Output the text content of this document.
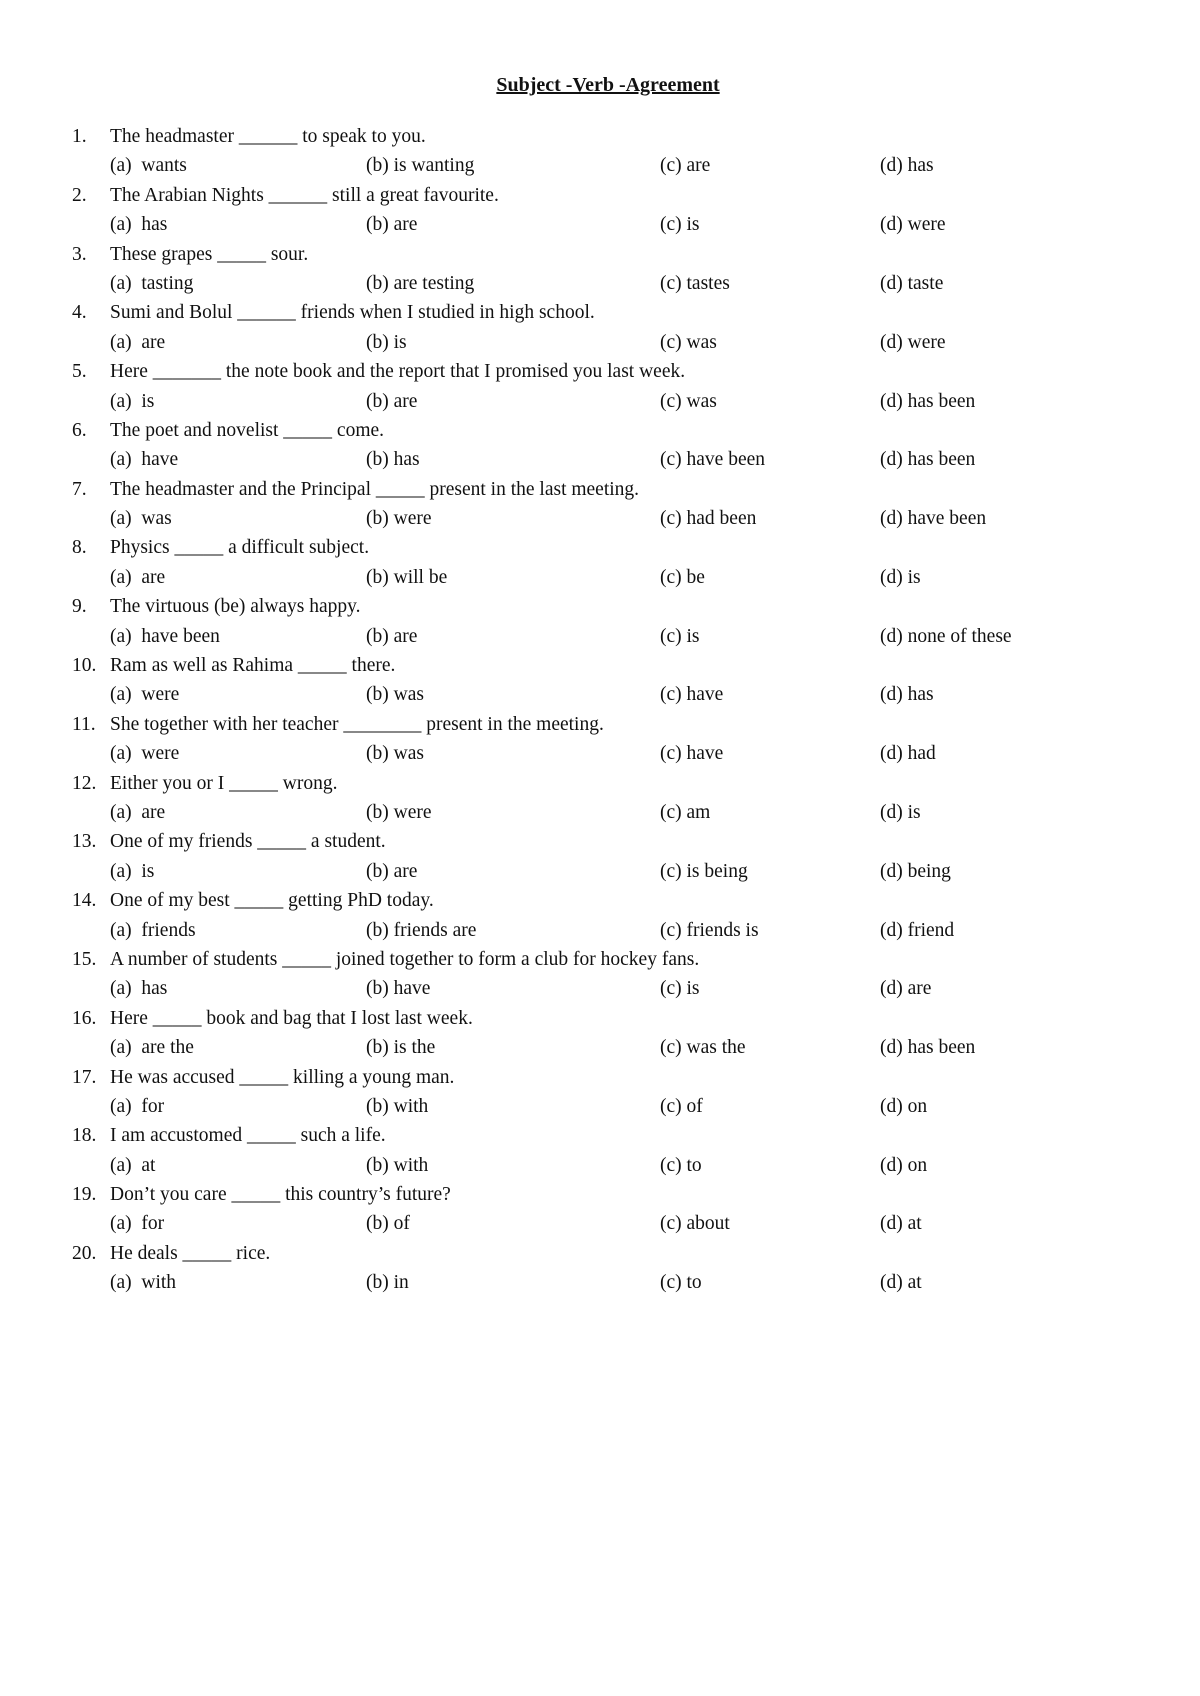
Subject -Verb -Agreement
1. The headmaster ______ to speak to you.
(a)  wants	(b) is wanting	(c) are	(d) has
2. The Arabian Nights ______ still a great favourite.
(a)  has	(b) are	(c) is	(d) were
3. These grapes _____ sour.
(a)  tasting	(b) are testing	(c) tastes	(d) taste
4. Sumi and Bolul ______ friends when I studied in high school.
(a)  are	(b) is	(c) was	(d) were
5. Here _______ the note book and the report that I promised you last week.
(a)  is	(b) are	(c) was	(d) has been
6. The poet and novelist _____ come.
(a)  have	(b) has	(c) have been	(d) has been
7. The headmaster and the Principal _____ present in the last meeting.
(a)  was	(b) were	(c) had been	(d) have been
8. Physics _____ a difficult subject.
(a)  are	(b) will be	(c) be	(d) is
9. The virtuous (be) always happy.
(a)  have been	(b) are	(c) is	(d) none of these
10. Ram as well as Rahima _____ there.
(a)  were	(b) was	(c) have	(d) has
11. She together with her teacher ________ present in the meeting.
(a)  were	(b) was	(c) have	(d) had
12. Either you or I _____ wrong.
(a)  are	(b) were	(c) am	(d) is
13. One of my friends _____ a student.
(a)  is	(b) are	(c) is being	(d) being
14. One of my best _____ getting PhD today.
(a)  friends	(b) friends are	(c) friends is	(d) friend
15. A number of students _____ joined together to form a club for hockey fans.
(a)  has	(b) have	(c) is	(d) are
16. Here _____ book and bag that I lost last week.
(a)  are the	(b) is the	(c) was the	(d) has been
17. He was accused _____ killing a young man.
(a)  for	(b) with	(c) of	(d) on
18. I am accustomed _____ such a life.
(a)  at	(b) with	(c) to	(d) on
19. Don’t you care _____ this country’s future?
(a)  for	(b) of	(c) about	(d) at
20. He deals _____ rice.
(a)  with	(b) in	(c) to	(d) at
